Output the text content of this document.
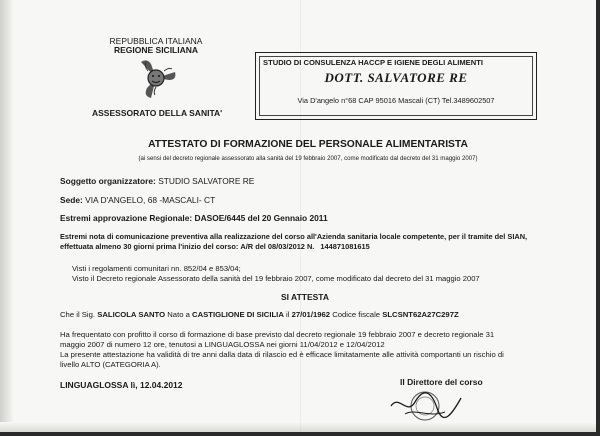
REPUBBLICA ITALIANA
REGIONE SICILIANA
ASSESSORATO DELLA SANITA'
STUDIO DI CONSULENZA HACCP E IGIENE DEGLI ALIMENTI
DOTT. SALVATORE RE
Via D'angelo n°68 CAP 95016 Mascali (CT) Tel.3489602507
ATTESTATO DI FORMAZIONE DEL PERSONALE ALIMENTARISTA
(ai sensi del decreto regionale assessorato alla sanità del 19 febbraio 2007, come modificato dal decreto del 31 maggio 2007)
Soggetto organizzatore: STUDIO SALVATORE RE
Sede: VIA D'ANGELO, 68 -MASCALI- CT
Estremi approvazione Regionale: DASOE/6445 del 20 Gennaio 2011
Estremi nota di comunicazione preventiva alla realizzazione del corso all'Azienda sanitaria locale competente, per il tramite del SIAN,
effettuata almeno 30 giorni prima l'inizio del corso: A/R del 08/03/2012 N. 144871081615
Visti i regolamenti comunitari nn. 852/04 e 853/04;
Visto il Decreto regionale Assessorato della sanità del 19 febbraio 2007, come modificato dal decreto del 31 maggio 2007
SI ATTESTA
Che il Sig. SALICOLA SANTO Nato a CASTIGLIONE DI SICILIA il 27/01/1962 Codice fiscale SLCSNT62A27C297Z
Ha frequentato con profitto il corso di formazione di base previsto dal decreto regionale 19 febbraio 2007 e decreto regionale 31
maggio 2007 di numero 12 ore, tenutosi a LINGUAGLOSSA nei giorni 11/04/2012 e 12/04/2012
La presente attestazione ha validità di tre anni dalla data di rilascio ed è efficace limitatamente alle attività comportanti un rischio di
livello ALTO (CATEGORIA A).
LINGUAGLOSSA lì, 12.04.2012	Il Direttore del corso
